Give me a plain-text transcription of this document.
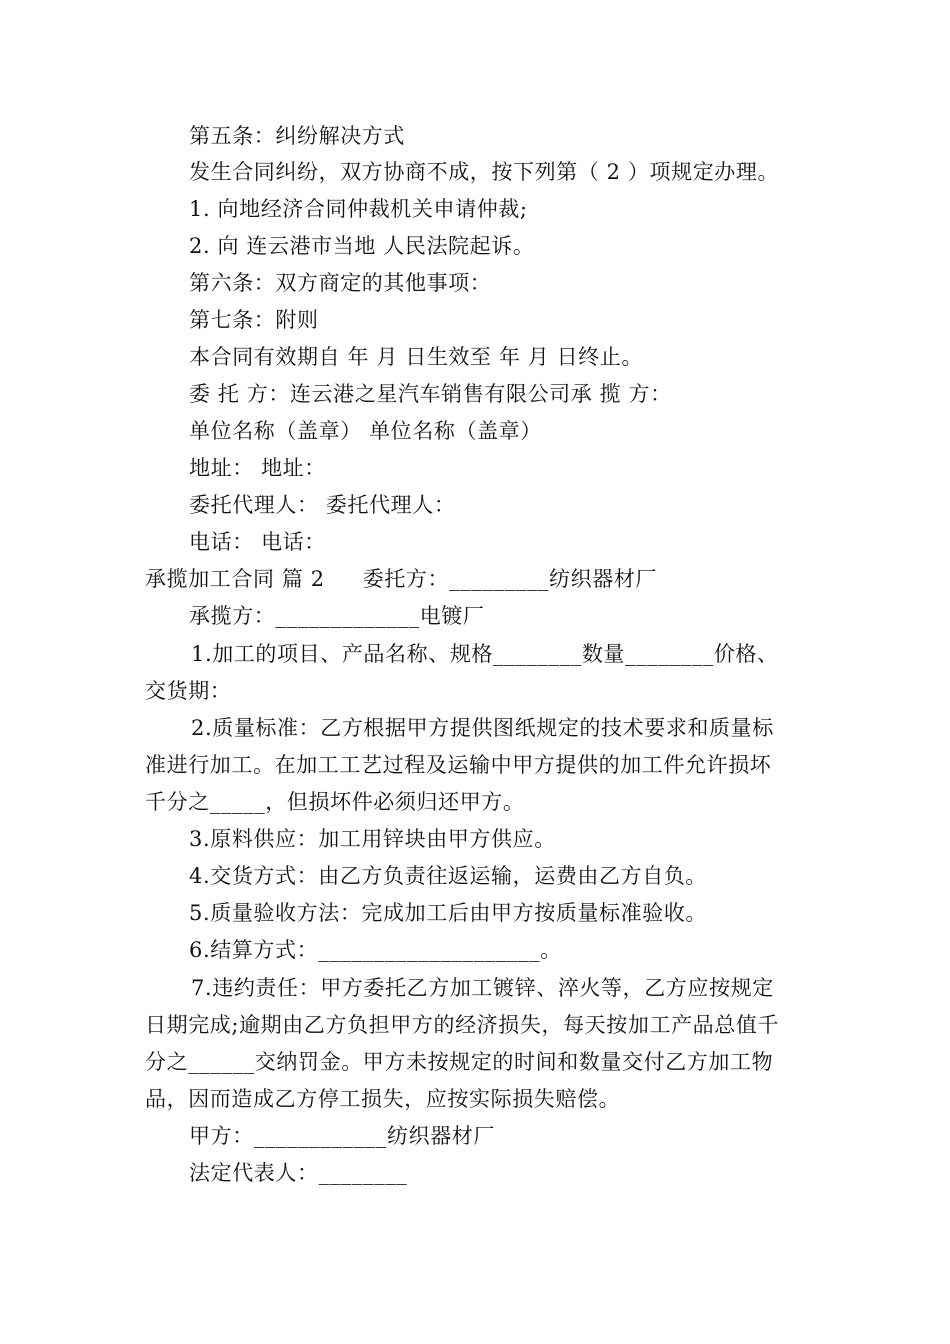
第五条：纠纷解决方式
发生合同纠纷，双方协商不成，按下列第（ 2 ）项规定办理。
1. 向地经济合同仲裁机关申请仲裁;
2. 向 连云港市当地 人民法院起诉。
第六条：双方商定的其他事项：
第七条：附则
本合同有效期自 年 月 日生效至 年 月 日终止。
委 托 方：连云港之星汽车销售有限公司承 揽 方：
单位名称（盖章） 单位名称（盖章）
地址： 地址：
委托代理人： 委托代理人：
电话： 电话：
承揽加工合同 篇 2 委托方：_________纺织器材厂
承揽方：_____________电镀厂
1.加工的项目、产品名称、规格________数量________价格、
交货期：
2.质量标准：乙方根据甲方提供图纸规定的技术要求和质量标
准进行加工。在加工工艺过程及运输中甲方提供的加工件允许损坏
千分之_____，但损坏件必须归还甲方。
3.原料供应：加工用锌块由甲方供应。
4.交货方式：由乙方负责往返运输，运费由乙方自负。
5.质量验收方法：完成加工后由甲方按质量标准验收。
6.结算方式：____________________。
7.违约责任：甲方委托乙方加工镀锌、淬火等，乙方应按规定
日期完成;逾期由乙方负担甲方的经济损失，每天按加工产品总值千
分之______交纳罚金。甲方未按规定的时间和数量交付乙方加工物
品，因而造成乙方停工损失，应按实际损失赔偿。
甲方：____________纺织器材厂
法定代表人：________
